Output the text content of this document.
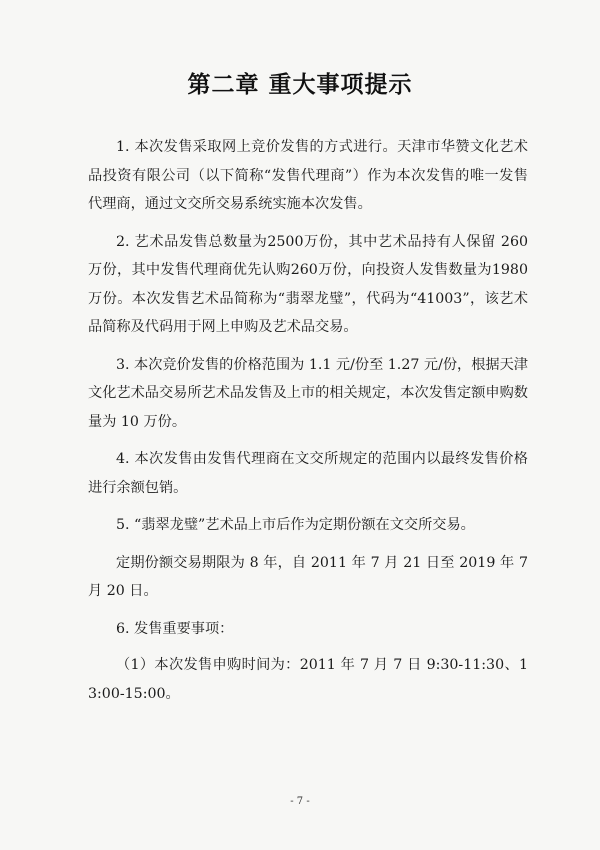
第二章 重大事项提示

1. 本次发售采取网上竞价发售的方式进行。天津市华赞文化艺术品投资有限公司（以下简称“发售代理商”）作为本次发售的唯一发售代理商，通过文交所交易系统实施本次发售。

2. 艺术品发售总数量为2500万份，其中艺术品持有人保留 260万份，其中发售代理商优先认购260万份，向投资人发售数量为1980万份。本次发售艺术品简称为“翡翠龙璧”，代码为“41003”，该艺术品简称及代码用于网上申购及艺术品交易。

3. 本次竞价发售的价格范围为 1.1 元/份至 1.27 元/份，根据天津文化艺术品交易所艺术品发售及上市的相关规定，本次发售定额申购数量为 10 万份。

4. 本次发售由发售代理商在文交所规定的范围内以最终发售价格进行余额包销。

5. “翡翠龙璧”艺术品上市后作为定期份额在文交所交易。

定期份额交易期限为 8 年，自 2011 年 7 月 21 日至 2019 年 7 月 20 日。

6. 发售重要事项：

（1）本次发售申购时间为：2011 年 7 月 7 日 9:30-11:30、13:00-15:00。

- 7 -
